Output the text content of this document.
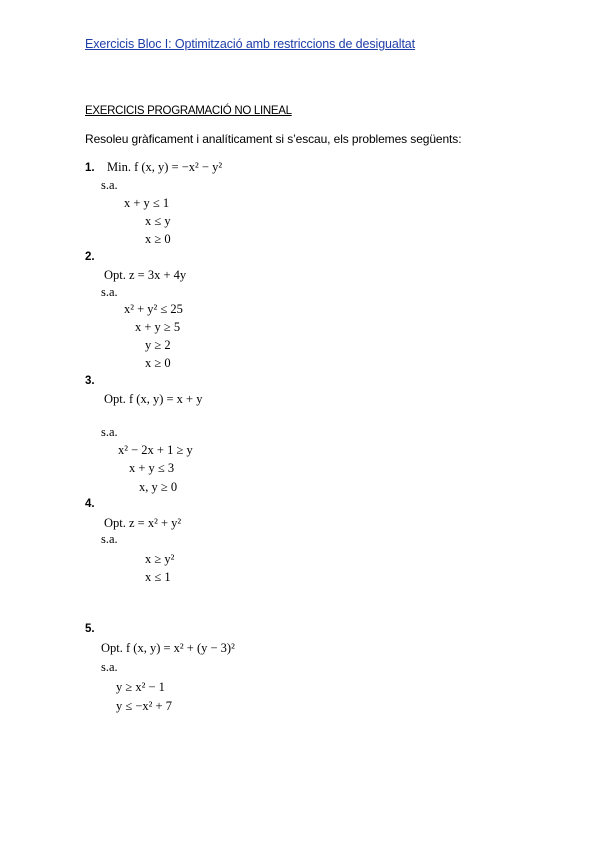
Exercicis Bloc I: Optimització amb restriccions de desigualtat
EXERCICIS PROGRAMACIÓ NO LINEAL
Resoleu gràficament i analíticament si s’escau, els problemes següents:
1. Min. f (x, y) = −x² − y²
s.a.
x + y ≤ 1
x ≤ y
x ≥ 0
2.
Opt. z = 3x + 4y
s.a.
x² + y² ≤ 25
x + y ≥ 5
y ≥ 2
x ≥ 0
3.
Opt. f (x, y) = x + y
s.a.
x² − 2x + 1 ≥ y
x + y ≤ 3
x, y ≥ 0
4.
Opt. z = x² + y²
s.a.
x ≥ y²
x ≤ 1
5.
Opt. f (x, y) = x² + (y − 3)²
s.a.
y ≥ x² − 1
y ≤ −x² + 7
